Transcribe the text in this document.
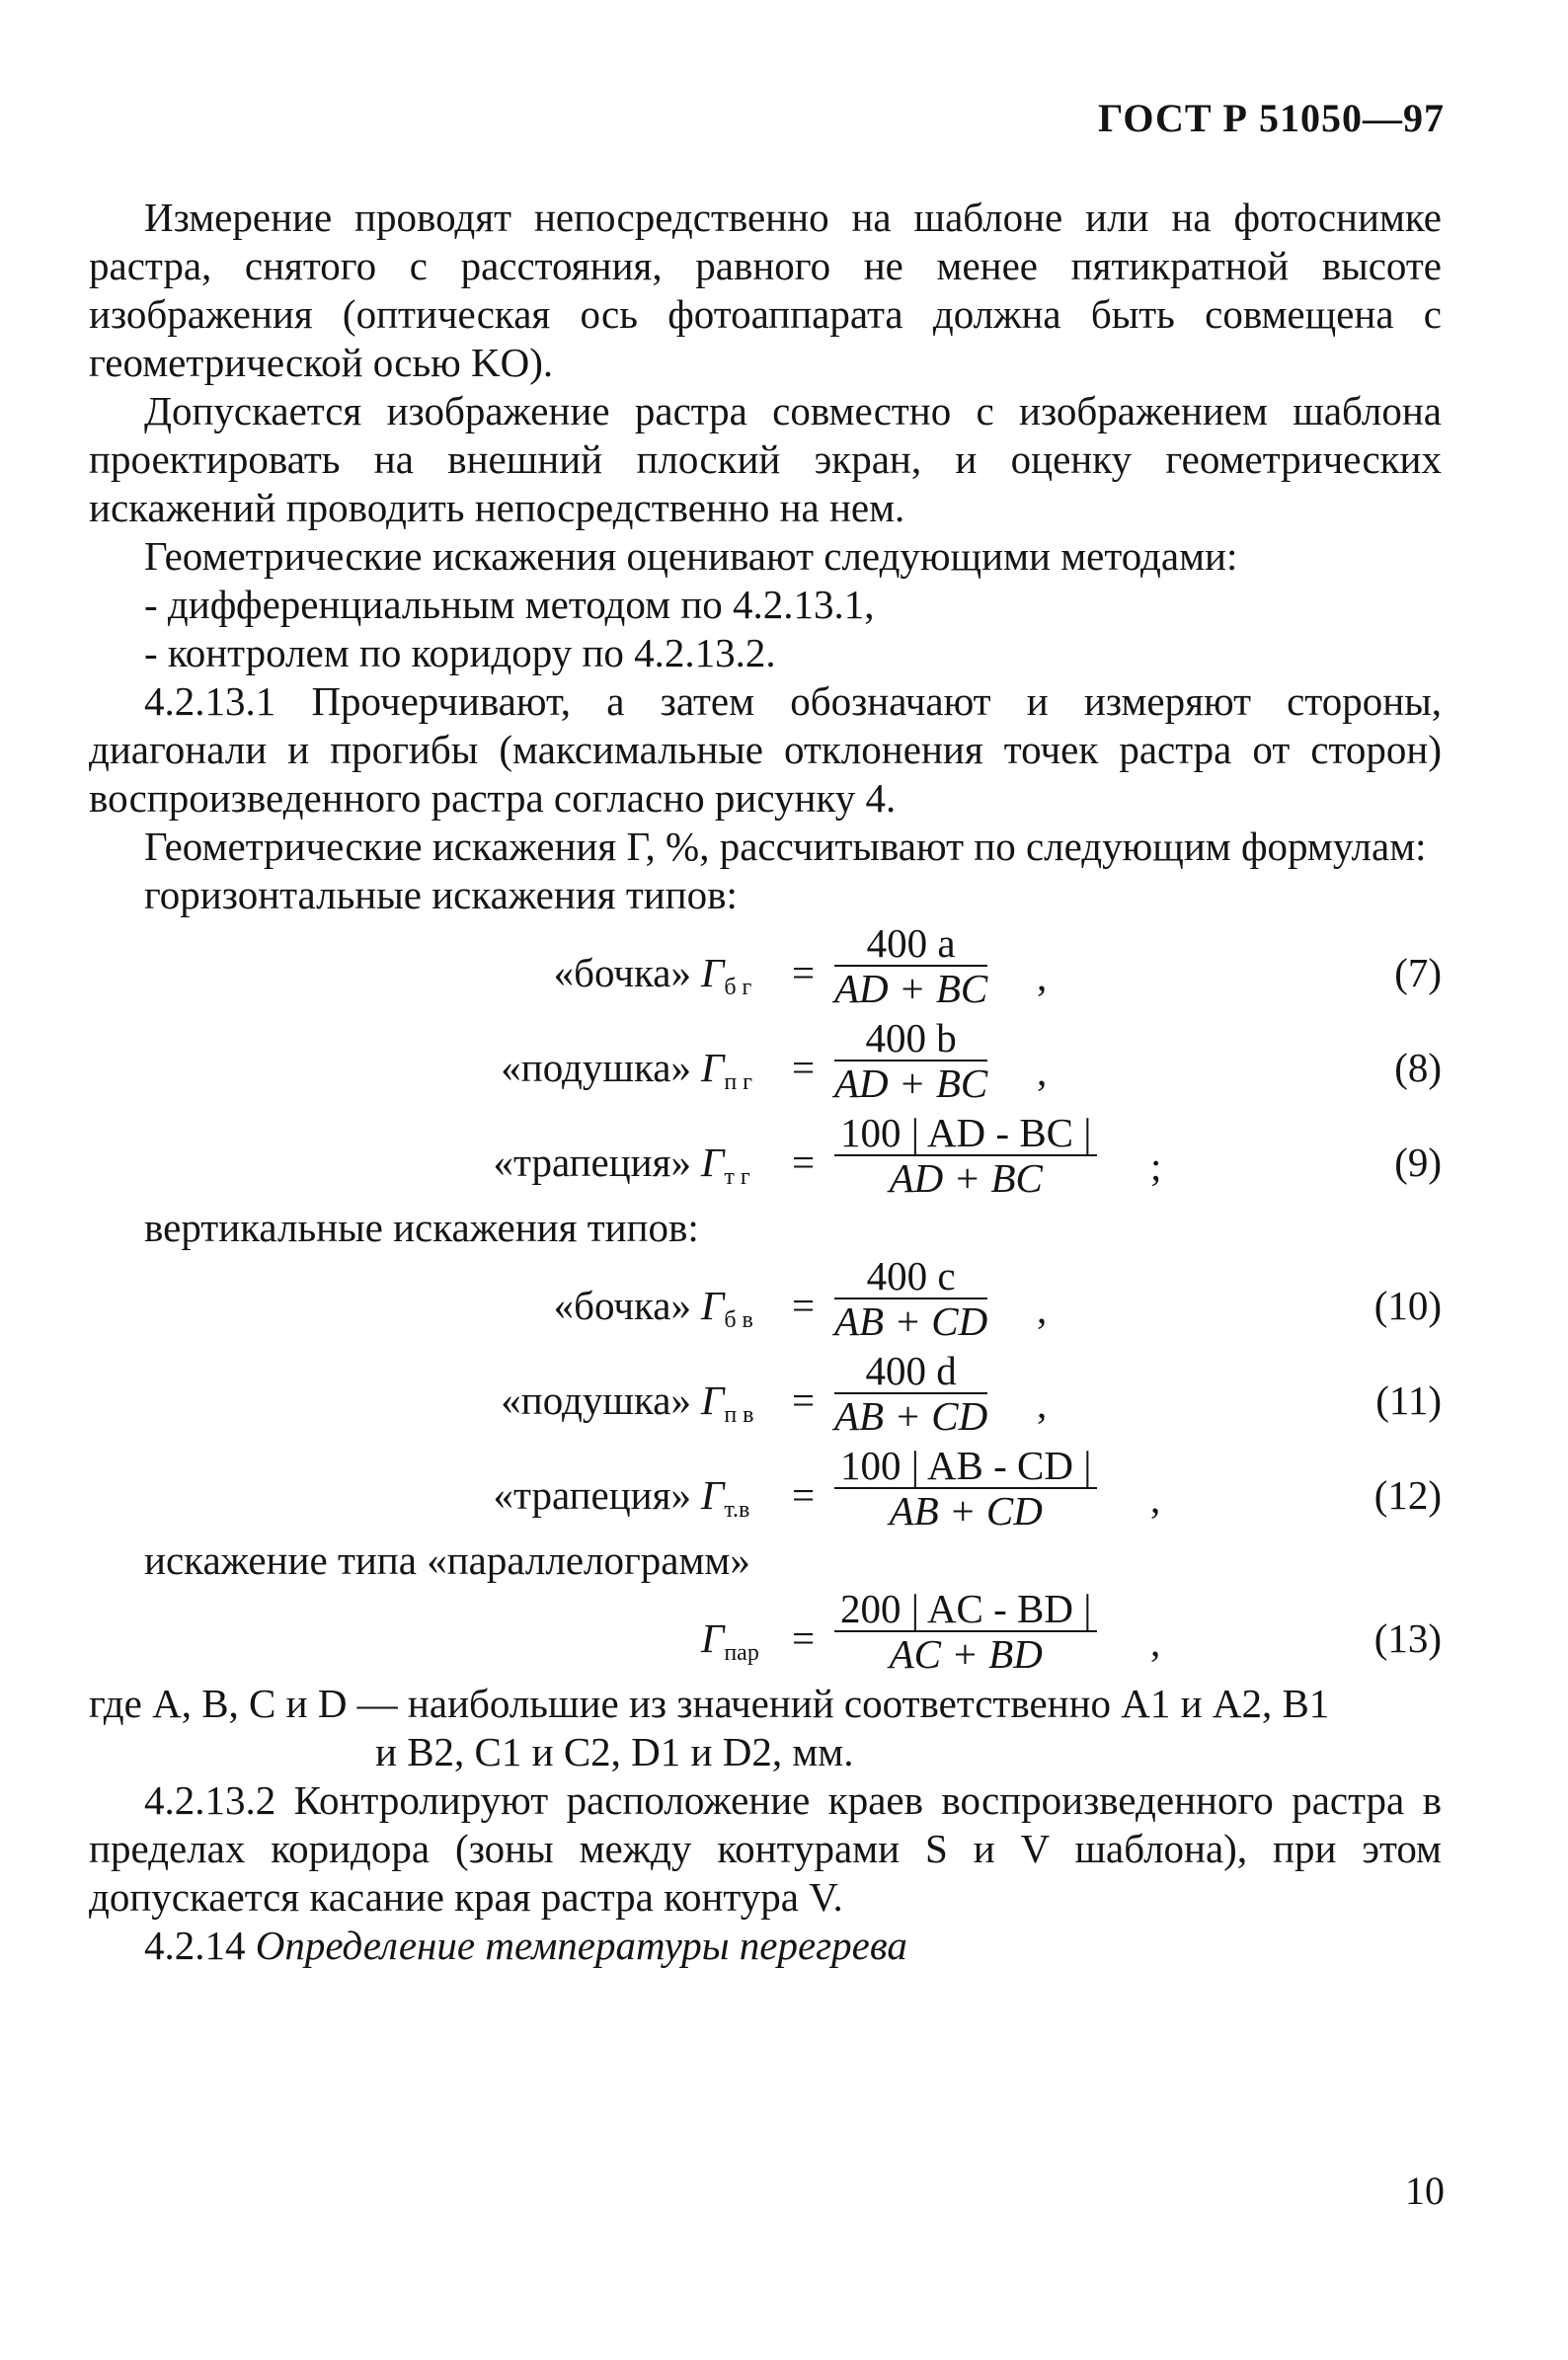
ГОСТ Р 51050—97

Измерение проводят непосредственно на шаблоне или на фотоснимке растра, снятого с расстояния, равного не менее пятикратной высоте изображения (оптическая ось фотоаппарата должна быть совмещена с геометрической осью KO).

Допускается изображение растра совместно с изображением шаблона проектировать на внешний плоский экран, и оценку геометрических искажений проводить непосредственно на нем.

Геометрические искажения оценивают следующими методами:

- дифференциальным методом по 4.2.13.1,
- контролем по коридору по 4.2.13.2.

4.2.13.1 Прочерчивают, а затем обозначают и измеряют стороны, диагонали и прогибы (максимальные отклонения точек растра от сторон) воспроизведенного растра согласно рисунку 4.

Геометрические искажения Г, %, рассчитывают по следующим формулам:

горизонтальные искажения типов:
«бочка» $Г_{б г} = \frac{400 a}{AD + BC}$ ,	(7)
«подушка» $Г_{п г} = \frac{400 b}{AD + BC}$ ,	(8)
«трапеция» $Г_{т г} = \frac{100 | AD - BC |}{AD + BC}$ ;	(9)
вертикальные искажения типов:
«бочка» $Г_{б в} = \frac{400 c}{AB + CD}$ ,	(10)
«подушка» $Г_{п в} = \frac{400 d}{AB + CD}$ ,	(11)
«трапеция» $Г_{т.в} = \frac{100 | AB - CD |}{AB + CD}$ ,	(12)
искажение типа «параллелограмм»
$Г_{пар} = \frac{200 | AC - BD |}{AC + BD}$ ,	(13)

где A, B, C и D — наибольшие из значений соответственно A1 и A2, B1
и B2, C1 и C2, D1 и D2, мм.

4.2.13.2 Контролируют расположение краев воспроизведенного растра в пределах коридора (зоны между контурами S и V шаблона), при этом допускается касание края растра контура V.

4.2.14 Определение температуры перегрева

10
